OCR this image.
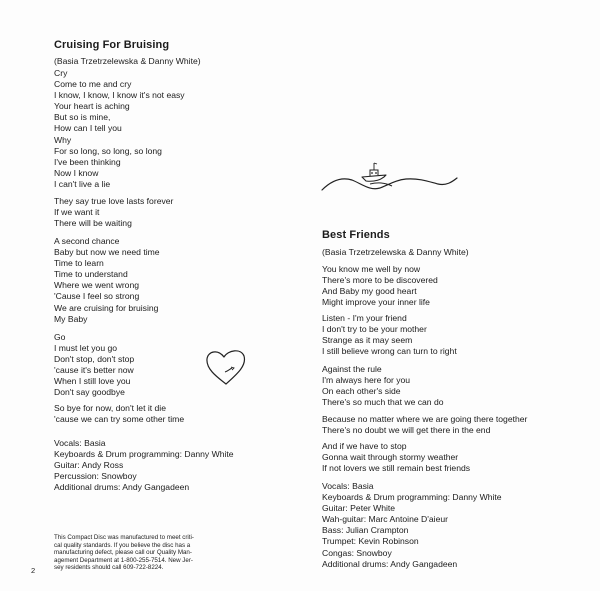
Cruising For Bruising
(Basia Trzetrzelewska & Danny White)
Cry
Come to me and cry
I know, I know, I know it's not easy
Your heart is aching
But so is mine,
How can I tell you
Why
For so long, so long, so long
I've been thinking
Now I know
I can't live a lie
They say true love lasts forever
If we want it
There will be waiting
A second chance
Baby but now we need time
Time to learn
Time to understand
Where we went wrong
'Cause I feel so strong
We are cruising for bruising
My Baby
Go
I must let you go
Don't stop, don't stop
'cause it's better now
When I still love you
Don't say goodbye
So bye for now, don't let it die
'cause we can try some other time
Vocals: Basia
Keyboards & Drum programming: Danny White
Guitar: Andy Ross
Percussion: Snowboy
Additional drums: Andy Gangadeen
This Compact Disc was manufactured to meet criti-
cal quality standards. If you believe the disc has a
manufacturing defect, please call our Quality Man-
agement Department at 1-800-255-7514. New Jer-
sey residents should call 609-722-8224.
2
Best Friends
(Basia Trzetrzelewska & Danny White)
You know me well by now
There's more to be discovered
And Baby my good heart
Might improve your inner life
Listen - I'm your friend
I don't try to be your mother
Strange as it may seem
I still believe wrong can turn to right
Against the rule
I'm always here for you
On each other's side
There's so much that we can do
Because no matter where we are going there together
There's no doubt we will get there in the end
And if we have to stop
Gonna wait through stormy weather
If not lovers we still remain best friends
Vocals: Basia
Keyboards & Drum programming: Danny White
Guitar: Peter White
Wah-guitar: Marc Antoine D'aieur
Bass: Julian Crampton
Trumpet: Kevin Robinson
Congas: Snowboy
Additional drums: Andy Gangadeen
